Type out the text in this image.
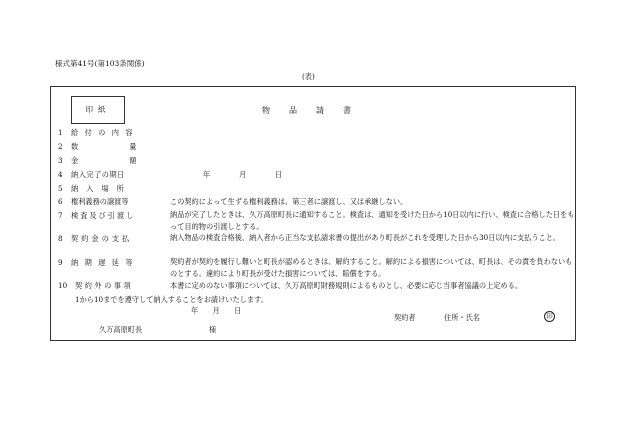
様式第41号(第103条関係)
(表)
印紙	物品請書
1	給付の内容
2	数量
3	金額
4	納入完了の期日	年　　　　月　　　　日
5	納入場所
6	権利義務の譲渡等	この契約によって生ずる権利義務は、第三者に譲渡し、又は承継しない。
7	検査及び引渡し	納品が完了したときは、久万高原町長に通知すること。検査は、通知を受けた日から10日以内に行い、検査に合格した日をもって目的物の引渡しとする。
8	契約金の支払	納入物品の検査合格後、納入者から正当な支払請求書の提出があり町長がこれを受理した日から30日以内に支払うこと。
9	納期遅延等	契約者が契約を履行し難いと町長が認めるときは、解約すること。解約による損害については、町長は、その責を負わないものとする。違約により町長が受けた損害については、賠償をする。
10 契約外の事項	本書に定めのない事項については、久万高原町財務規則によるものとし、必要に応じ当事者協議の上定める。
1から10までを遵守して納入することをお請けいたします。
年　　月　　日
契約者	住所・氏名	印
久万高原町長	様
